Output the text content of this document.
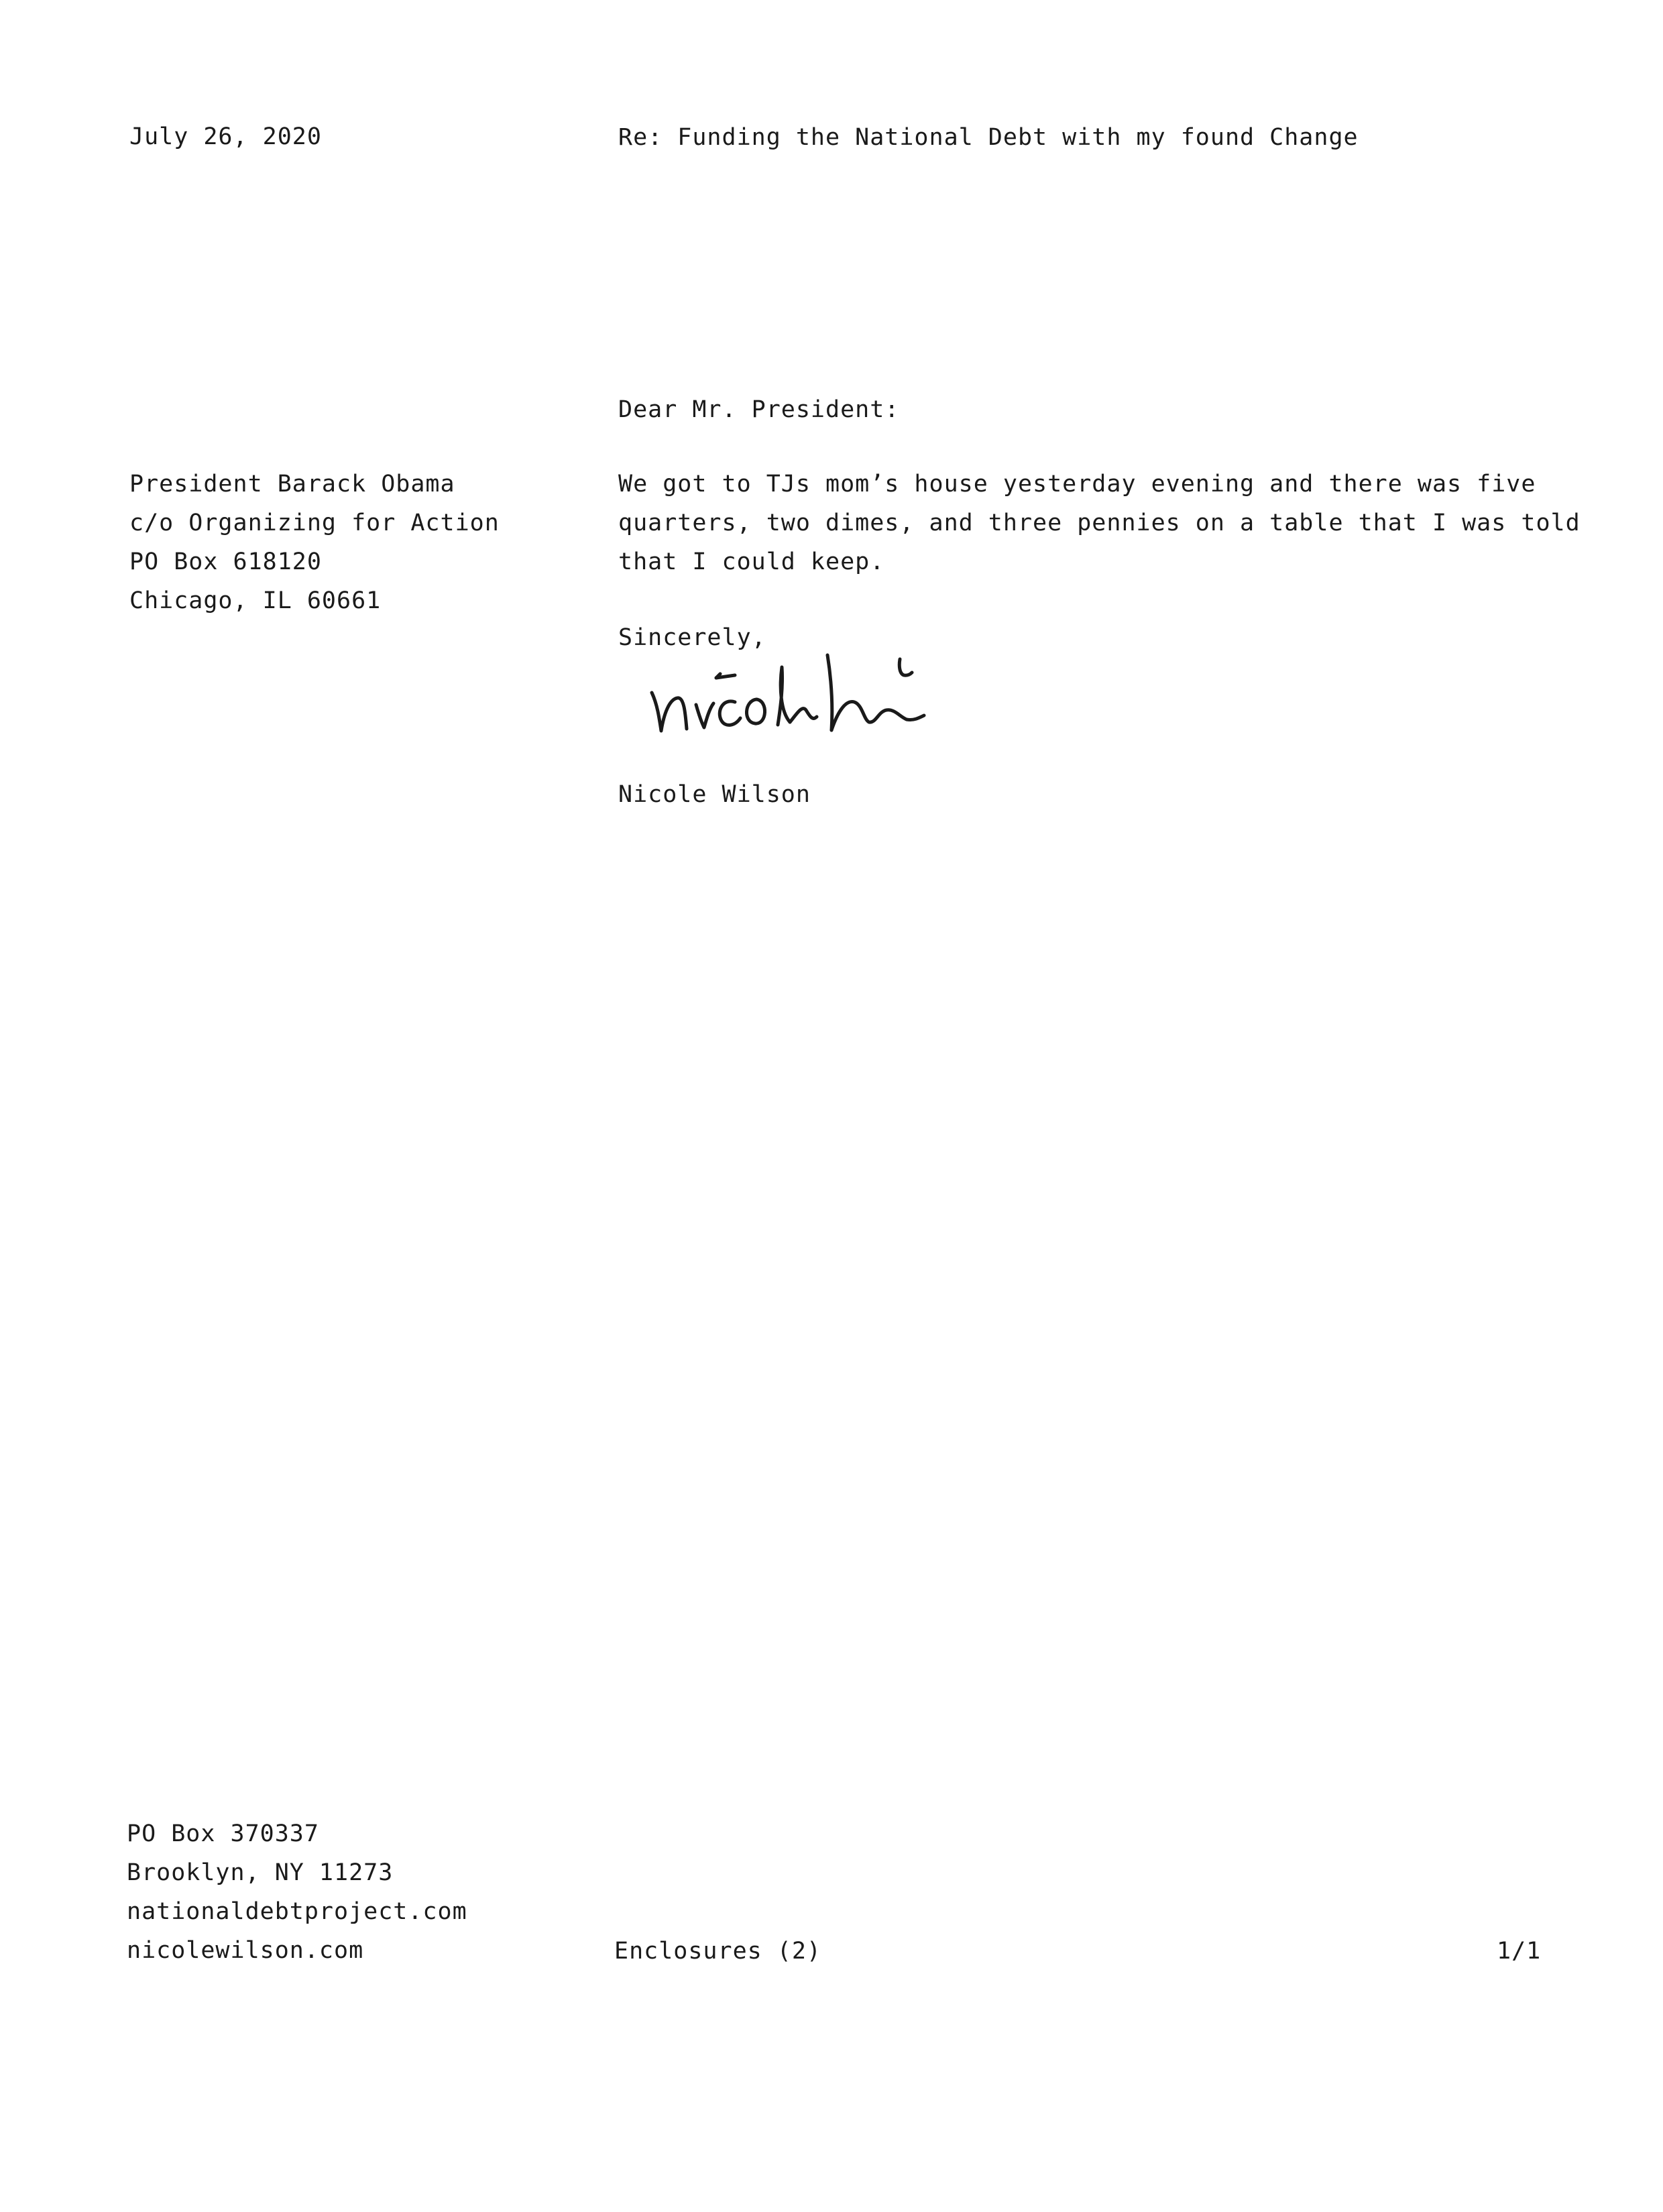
July 26, 2020	Re: Funding the National Debt with my found Change
Dear Mr. President:
President Barack Obama
c/o Organizing for Action
PO Box 618120
Chicago, IL 60661
We got to TJs mom’s house yesterday evening and there was five
quarters, two dimes, and three pennies on a table that I was told
that I could keep.
Sincerely,
Nicole Wilson
PO Box 370337
Brooklyn, NY 11273
nationaldebtproject.com
nicolewilson.com	Enclosures (2)	1/1
